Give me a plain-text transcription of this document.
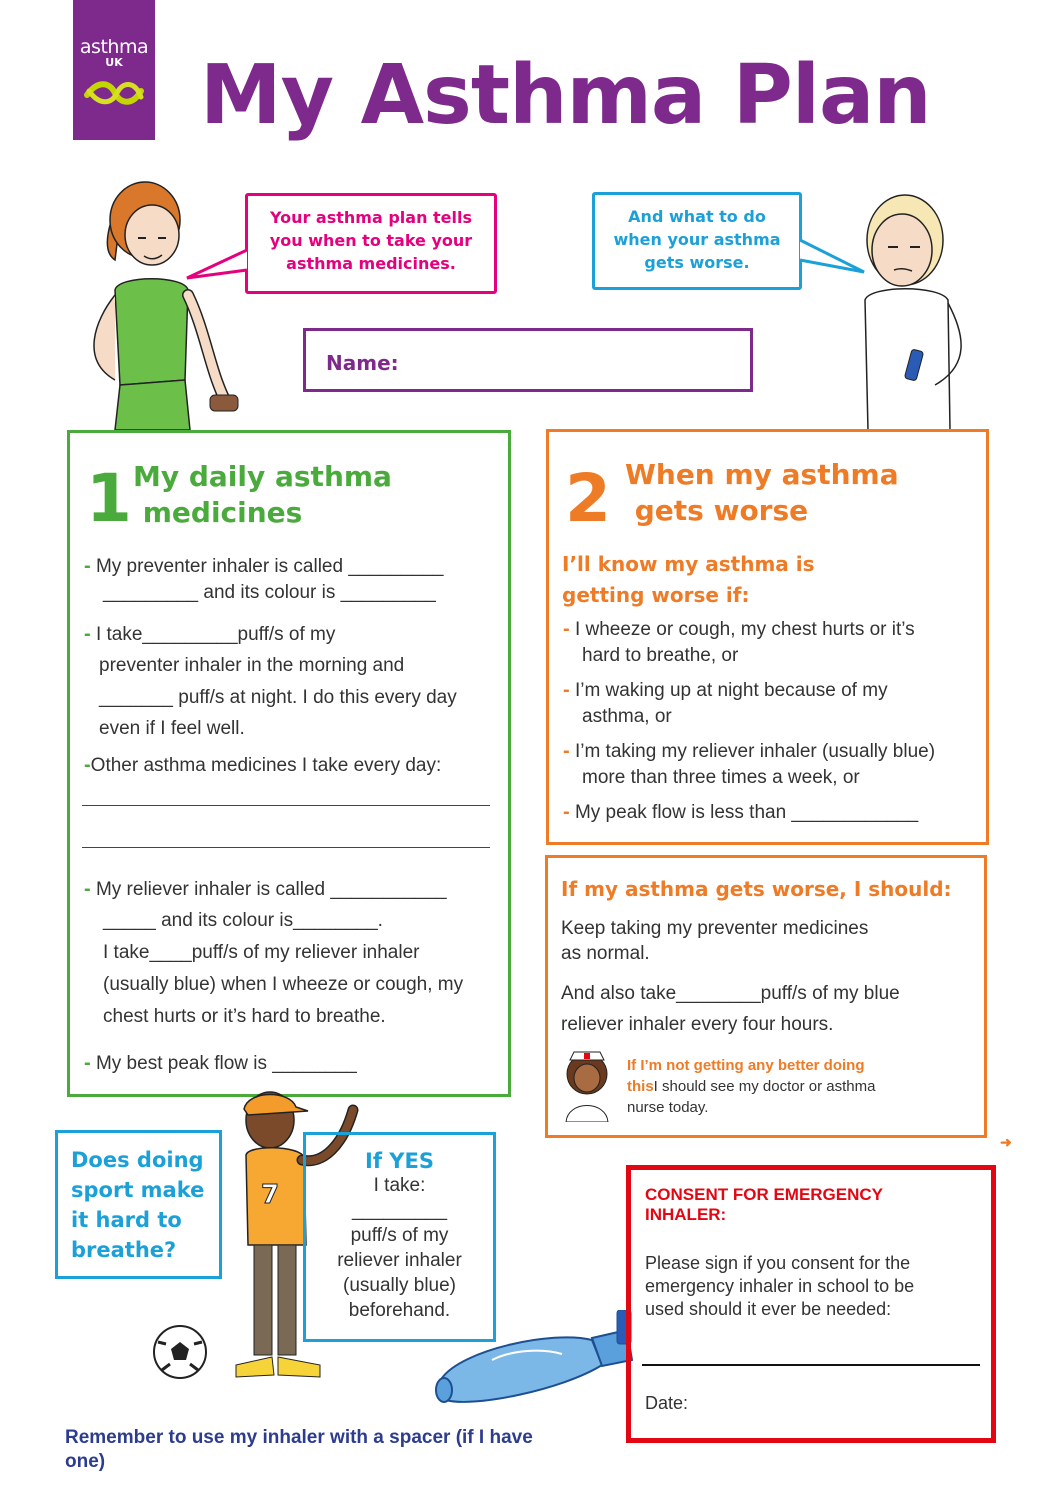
asthma
UK My Asthma Plan
Your asthma plan tells
you when to take your
asthma medicines.
And what to do
when your asthma
gets worse.
Name:
1 My daily asthma
medicines
- My preventer inhaler is called _________
_________ and its colour is _________
- I take_________puff/s of my
preventer inhaler in the morning and
_______ puff/s at night. I do this every day
even if I feel well.
-Other asthma medicines I take every day:
- My reliever inhaler is called ___________
_____ and its colour is________.
I take____puff/s of my reliever inhaler
(usually blue) when I wheeze or cough, my
chest hurts or it’s hard to breathe.
- My best peak flow is ________
2 When my asthma
gets worse
I’ll know my asthma is
getting worse if:
- I wheeze or cough, my chest hurts or it’s
hard to breathe, or
- I’m waking up at night because of my
asthma, or
- I’m taking my reliever inhaler (usually blue)
more than three times a week, or
- My peak flow is less than ____________
If my asthma gets worse, I should:
Keep taking my preventer medicines
as normal.
And also take________puff/s of my blue
reliever inhaler every four hours.
If I’m not getting any better doing
thisI should see my doctor or asthma
nurse today.
➜
Does doing
sport make
it hard to
breathe?
7
If YES
I take:
_________
puff/s of my
reliever inhaler
(usually blue)
beforehand.
CONSENT FOR EMERGENCY
INHALER:
Please sign if you consent for the
emergency inhaler in school to be
used should it ever be needed:
Date:
Remember to use my inhaler with a spacer (if I have
one)
